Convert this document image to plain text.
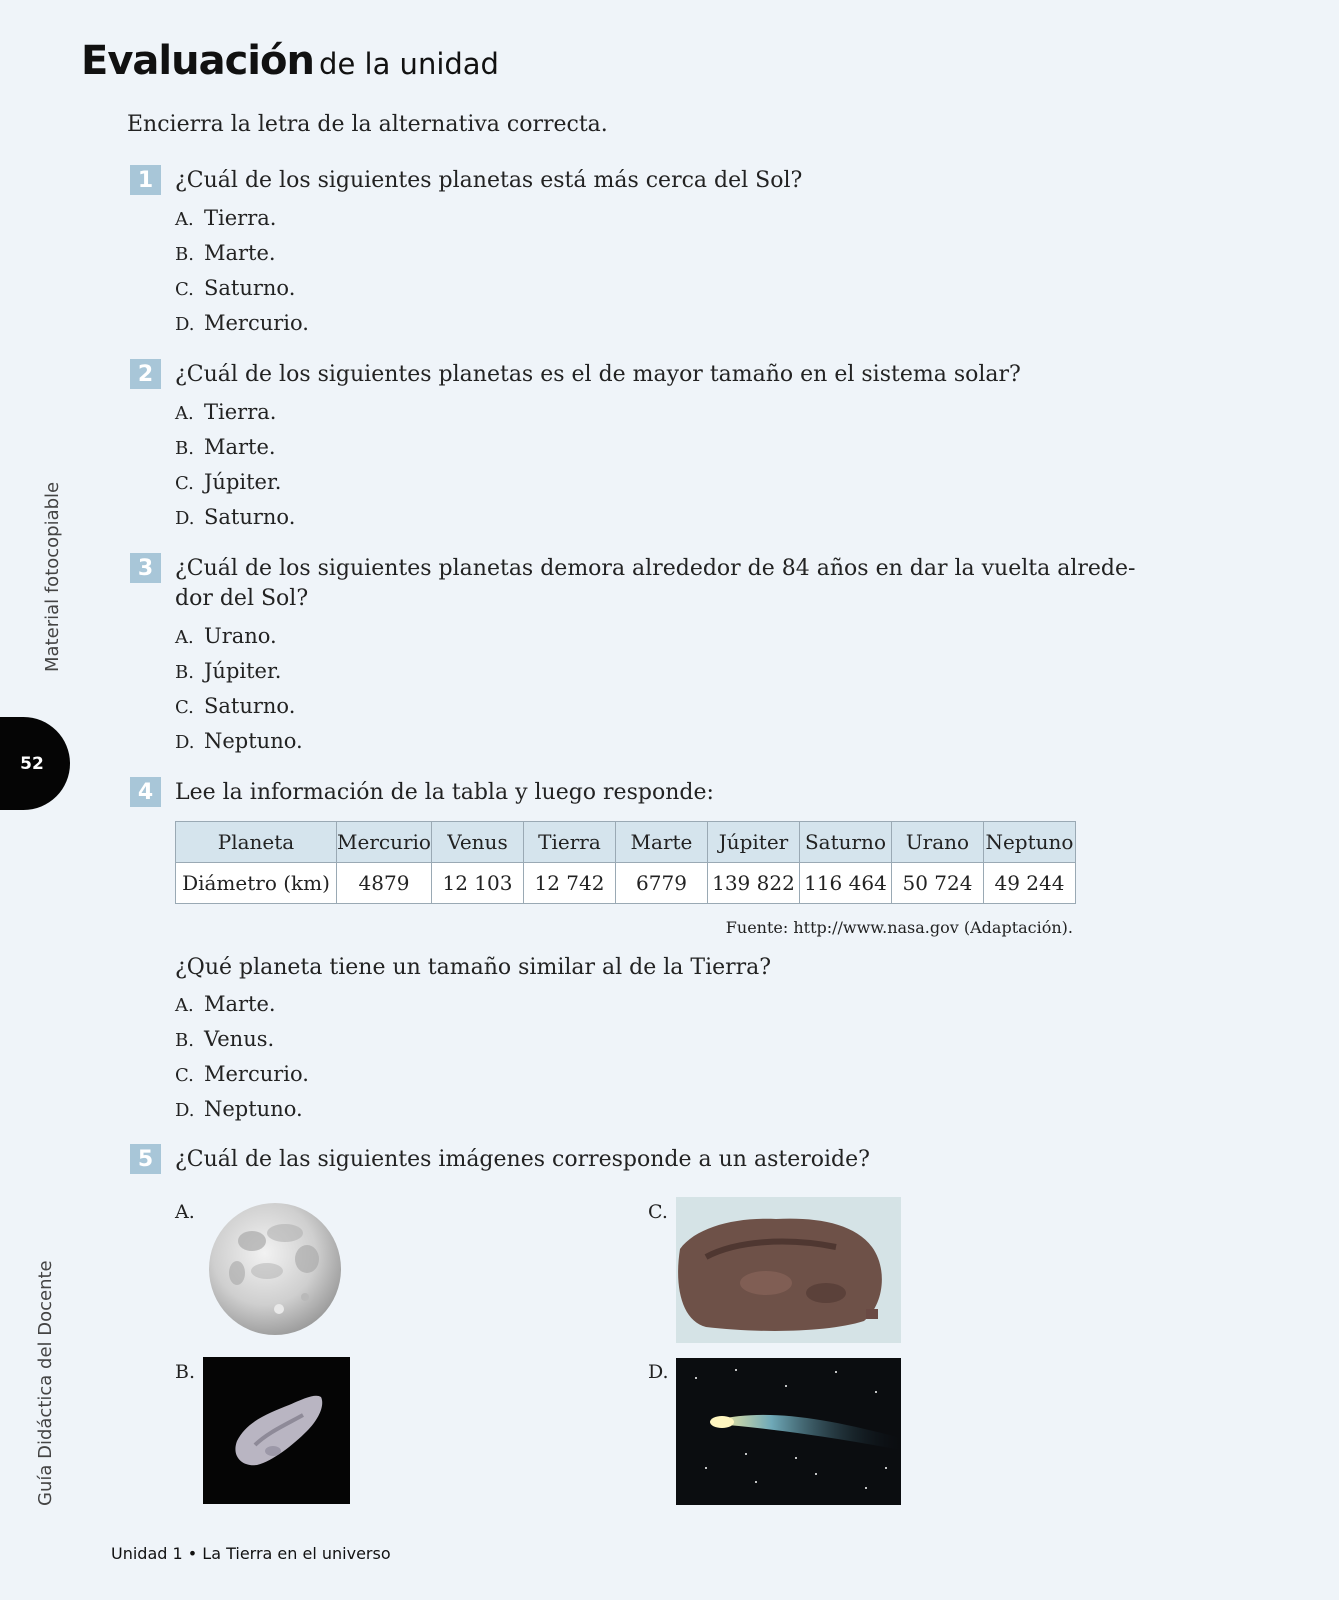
Evaluación de la unidad
Encierra la letra de la alternativa correcta.
1 ¿Cuál de los siguientes planetas está más cerca del Sol?
A. Tierra.
B. Marte.
C. Saturno.
D. Mercurio.
2 ¿Cuál de los siguientes planetas es el de mayor tamaño en el sistema solar?
A. Tierra.
B. Marte.
C. Júpiter.
D. Saturno.
3 ¿Cuál de los siguientes planetas demora alrededor de 84 años en dar la vuelta alrede-
dor del Sol?
A. Urano.
B. Júpiter.
C. Saturno.
D. Neptuno.
4 Lee la información de la tabla y luego responde:
Planeta	Mercurio	Venus	Tierra	Marte	Júpiter	Saturno	Urano	Neptuno
Diámetro (km)	4879	12 103	12 742	6779	139 822	116 464	50 724	49 244
Fuente: http://www.nasa.gov (Adaptación).
¿Qué planeta tiene un tamaño similar al de la Tierra?
A. Marte.
B. Venus.
C. Mercurio.
D. Neptuno.
5 ¿Cuál de las siguientes imágenes corresponde a un asteroide?
A.
B.
C.
D.
Material fotocopiable
52
Guía Didáctica del Docente
Unidad 1 • La Tierra en el universo
